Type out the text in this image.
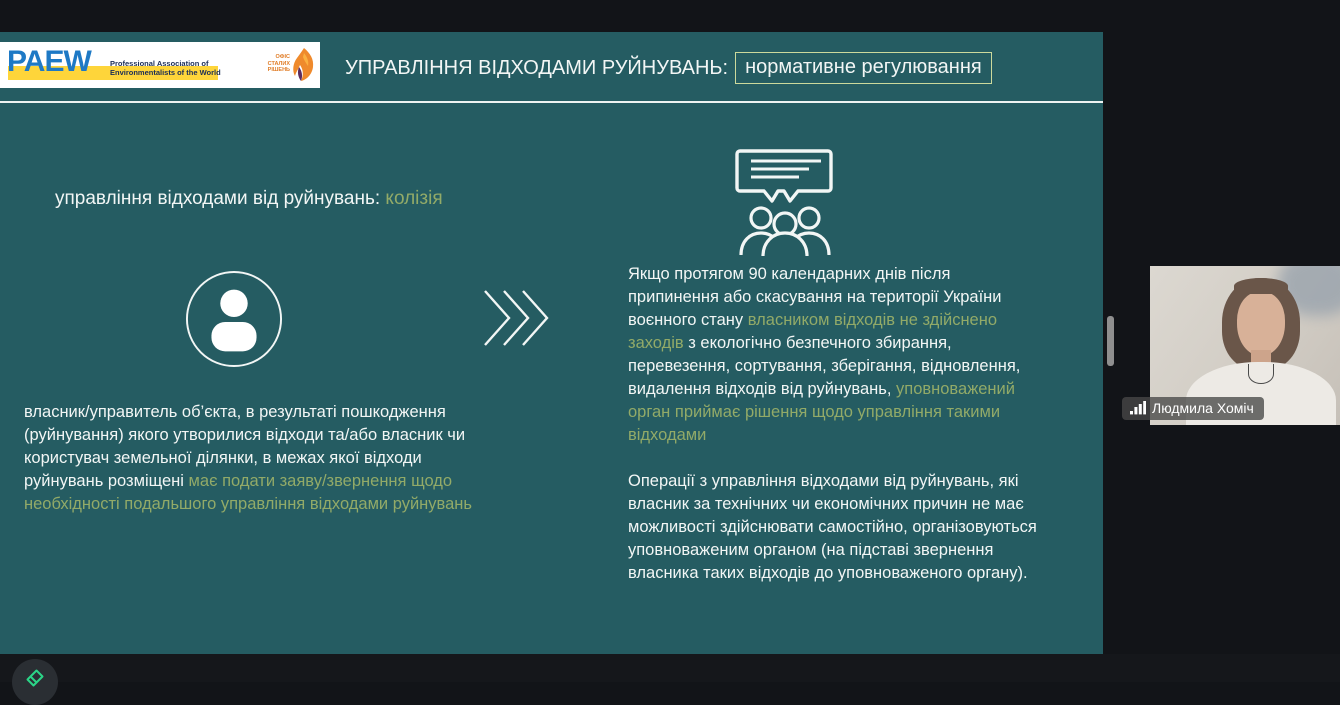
PAEW	Professional Association of
Environmentalists of the World
ОФІС
СТАЛИХ
РІШЕНЬ	УПРАВЛІННЯ ВІДХОДАМИ РУЙНУВАНЬ: нормативне регулювання
управління відходами від руйнувань: колізія

Якщо протягом 90 календарних днів після припинення або скасування на території України воєнного стану власником відходів не здійснено заходів з екологічно безпечного збирання, перевезення, сортування, зберігання, відновлення, видалення відходів від руйнувань, уповноважений орган приймає рішення щодо управління такими відходами

Операції з управління відходами від руйнувань, які власник за технічних чи економічних причин не має можливості здійснювати самостійно, організовуються уповноваженим органом (на підставі звернення власника таких відходів до уповноваженого органу).

власник/управитель об’єкта, в результаті пошкодження (руйнування) якого утворилися відходи та/або власник чи користувач земельної ділянки, в межах якої відходи руйнувань розміщені має подати заяву/звернення щодо необхідності подальшого управління відходами руйнувань
Людмила Хоміч
